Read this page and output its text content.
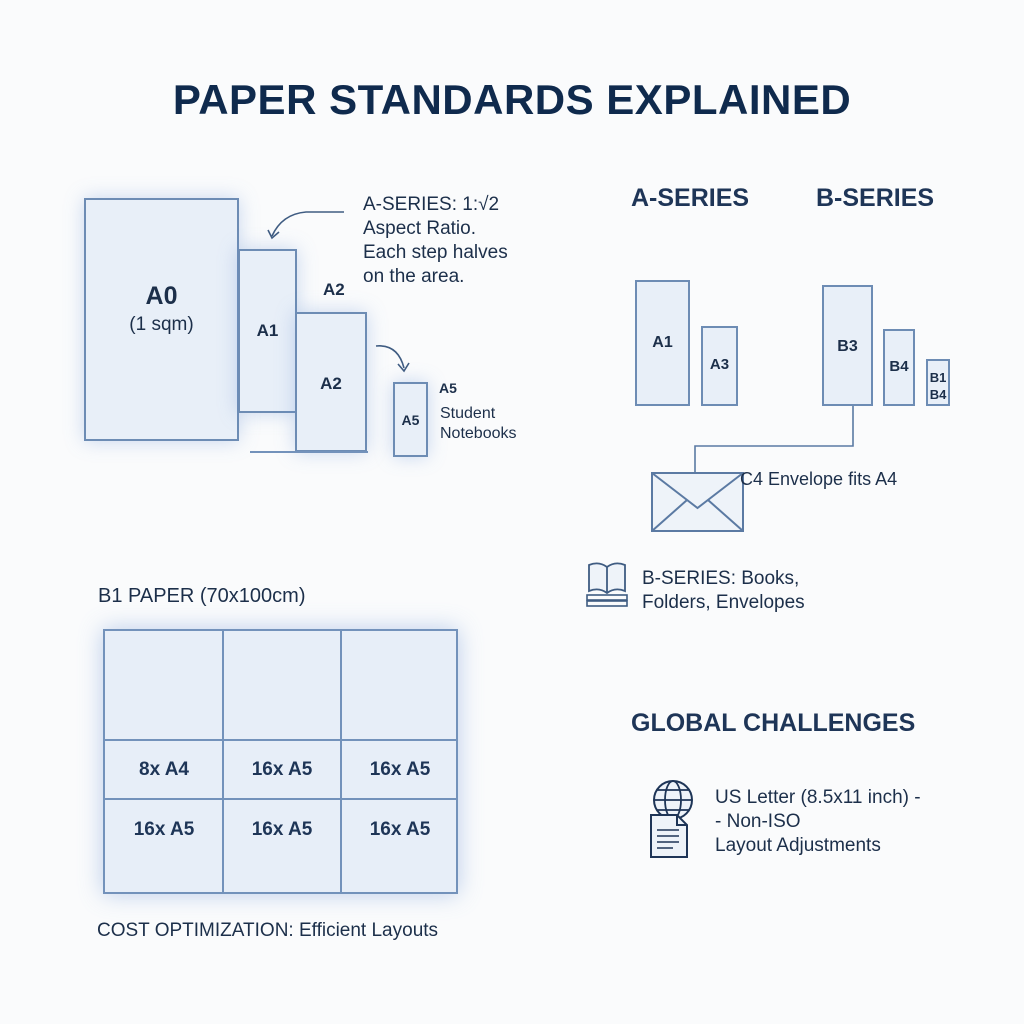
PAPER STANDARDS EXPLAINED
A0
(1 sqm)	A1
A2
A2
A5
A5
Student
Notebooks
A-SERIES: 1:√2
Aspect Ratio.
Each step halves
on the area.
A-SERIES	B-SERIES
A1
A3
B3
B4
B1
B4
C4 Envelope fits A4
B-SERIES: Books,
Folders, Envelopes
B1 PAPER (70x100cm)
8x A4	16x A5	16x A5
16x A5	16x A5	16x A5
COST OPTIMIZATION: Efficient Layouts
GLOBAL CHALLENGES
US Letter (8.5x11 inch) -
- Non-ISO
Layout Adjustments
